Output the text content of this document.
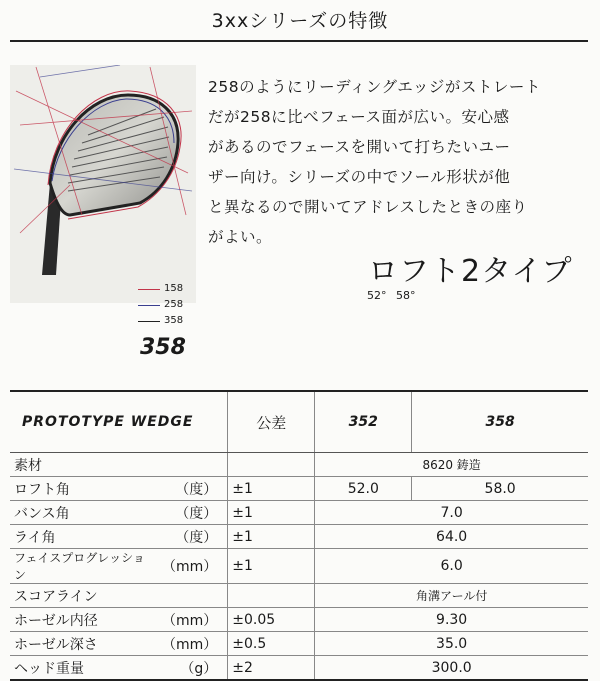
3xxシリーズの特徴
158
258
358
358
258のようにリーディングエッジがストレート
だが258に比べフェース面が広い。安心感
があるのでフェースを開いて打ちたいユー
ザー向け。シリーズの中でソール形状が他
と異なるので開いてアドレスしたときの座り
がよい。
ロフト2タイプ
52° 58°
PROTOTYPE WEDGE		公差	352	358
素材			8620 鋳造	
ロフト角	（度）	±1	52.0	58.0
バンス角	（度）	±1	7.0	
ライ角	（度）	±1	64.0	
フェイスプログレッション	（mm）	±1	6.0	
スコアライン			角溝アール付	
ホーゼル内径	（mm）	±0.05	9.30	
ホーゼル深さ	（mm）	±0.5	35.0	
ヘッド重量	（g）	±2	300.0	
